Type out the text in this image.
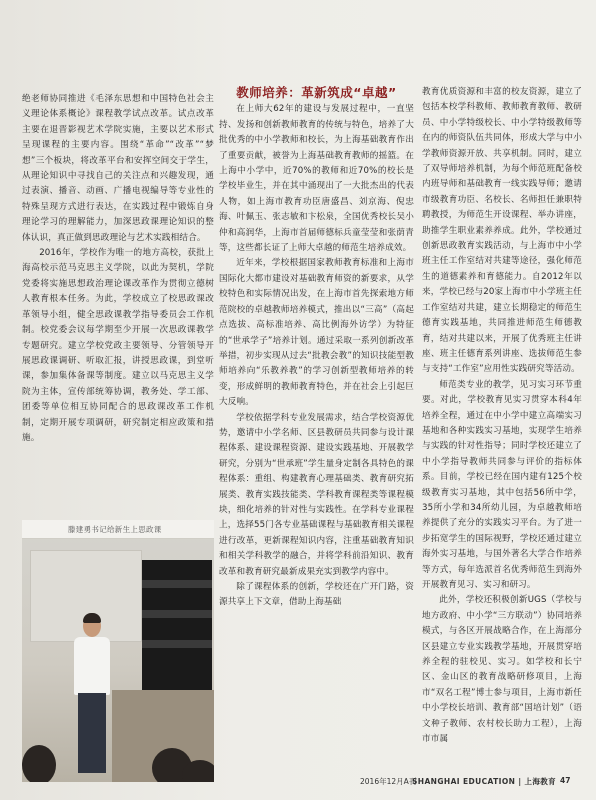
绝老师协同推进《毛泽东思想和中国特色社会主义理论体系概论》课程教学试点改革。试点改革主要在退晋影视艺术学院实施，主要以艺术形式呈现课程的主要内容。围绕“革命”“改革”“梦想”三个板块，将改革平台和安挥空间交于学生，从理论知识中寻找自己的关注点和兴趣发现，通过表演、播音、动画、广播电视编导等专业性的特殊呈现方式进行表达，在实践过程中锻炼自身理论学习的理解能力，加深思政课理论知识的整体认识，真正做到思政理论与艺术实践相结合。

2016年，学校作为唯一的地方高校，获批上海高校示范马克思主义学院，以此为契机，学院党委将实施思想政治理论课改革作为贯彻立德树人教育根本任务。为此，学校成立了校思政课改革领导小组，健全思政课教学指导委员会工作机制。校党委会议每学期至少开展一次思政课教学专题研究。建立学校党政主要领导、分管领导开展思政课调研、听取汇报，讲授思政课，到堂听课，参加集体备课等制度。建立以马克思主义学院为主体，宣传部统筹协调，教务处、学工部、团委等单位相互协同配合的思政课改革工作机制，定期开展专项调研，研究制定相应政策和措施。

滕建勇书记给新生上思政课
教师培养：革新筑成“卓越”

在上师大62年的建设与发展过程中，一直坚持、发扬和创新教师教育的传统与特色，培养了大批优秀的中小学教师和校长，为上海基础教育作出了重要贡献，被誉为上海基础教育教师的摇篮。在上海中小学中，近70%的教师和近70%的校长是学校毕业生，并在其中涌现出了一大批杰出的代表人物，如上海市教育功臣唐盛昌、刘京海、倪忠海、叶佩玉、张志敏和卞松泉，全国优秀校长吴小仲和高润华，上海市首届师德标兵童莹莹和张荫青等，这些都长证了上师大卓越的师范生培养成效。

近年来，学校根据国家教师教育标准和上海市国际化大都市建设对基础教育师资的新要求，从学校特色和实际情况出发，在上海市首先探索地方师范院校的卓越教师培养模式，推出以“三高”（高起点选拔、高标准培养、高比例海外访学）为特征的“世承学子”培养计划。通过采取一系列创新改革举措，初步实现从过去“批教会教”的知识技能型教师培养向“乐教养教”的学习创新型教师培养的转变，形成鲜明的教师教育特色，并在社会上引起巨大反响。

学校依据学科专业发展需求，结合学校资源优势，邀请中小学名师、区县教研员共同参与设计课程体系、建设课程资源、建设实践基地、开展教学研究，分别为“世承班”学生量身定制各具特色的课程体系：重组、构建教育心理基础类、教育研究拓展类、教育实践技能类、学科教育课程类等课程模块，细化培养的针对性与实践性。在学科专业课程上，选择55门各专业基础课程与基础教育相关课程进行改革，更新课程知识内容，注重基础教育知识和相关学科教学的融合，并将学科前沿知识、教育改革和教育研究最新成果充实到教学内容中。

除了课程体系的创新，学校还在广开门路，资源共享上下文章，借助上海基础

教育优质资源和丰富的校友资源，建立了包括本校学科教师、教师教育教师、教研员、中小学特级校长、中小学特级教师等在内的师资队伍共同体，形成大学与中小学教师资源开放、共享机制。同时，建立了双导师培养机制，为每个师范班配备校内班导师和基础教育一线实践导师；邀请市级教育功臣、名校长、名师担任兼职特聘教授，为师范生开设课程、举办讲座，助推学生职业素养养成。此外，学校通过创新思政教育实践活动，与上海市中小学班主任工作室结对共建等途径，强化师范生的道德素养和育德能力。自2012年以来，学校已经与20家上海市中小学班主任工作室结对共建，建立长期稳定的师范生德育实践基地，共同推进师范生师德教育，结对共建以来，开展了优秀班主任讲座、班主任德育系列讲座、选拔师范生参与支持“工作室”应用性实践研究等活动。

师范类专业的教学，见习实习环节重要。对此，学校教育见实习贯穿本科4年培养全程，通过在中小学中建立高端实习基地和各种实践实习基地，实现学生培养与实践的针对性指导；同时学校还建立了中小学指导教师共同参与评价的指标体系。目前，学校已经在国内建有125个校级教育实习基地，其中包括56所中学，35所小学和34所幼儿园，为卓越教师培养提供了充分的实践实习平台。为了进一步拓宽学生的国际视野，学校还通过建立海外实习基地，与国外著名大学合作培养等方式，每年选派首名优秀师范生到海外开展教育见习、实习和研习。

此外，学校还积极创新UGS（学校与地方政府、中小学“三方联动”）协同培养模式，与各区开展战略合作，在上海部分区县建立专业实践教学基地，开展贯穿培养全程的驻校见、实习。如学校和长宁区、金山区的教育战略研修项目，上海市“双名工程”博士参与项目，上海市新任中小学校长培训、教育部“国培计划”（语文种子教师、农村校长助力工程），上海市市属

2016年12月A刊
SHANGHAI EDUCATION | 上海教育 47
